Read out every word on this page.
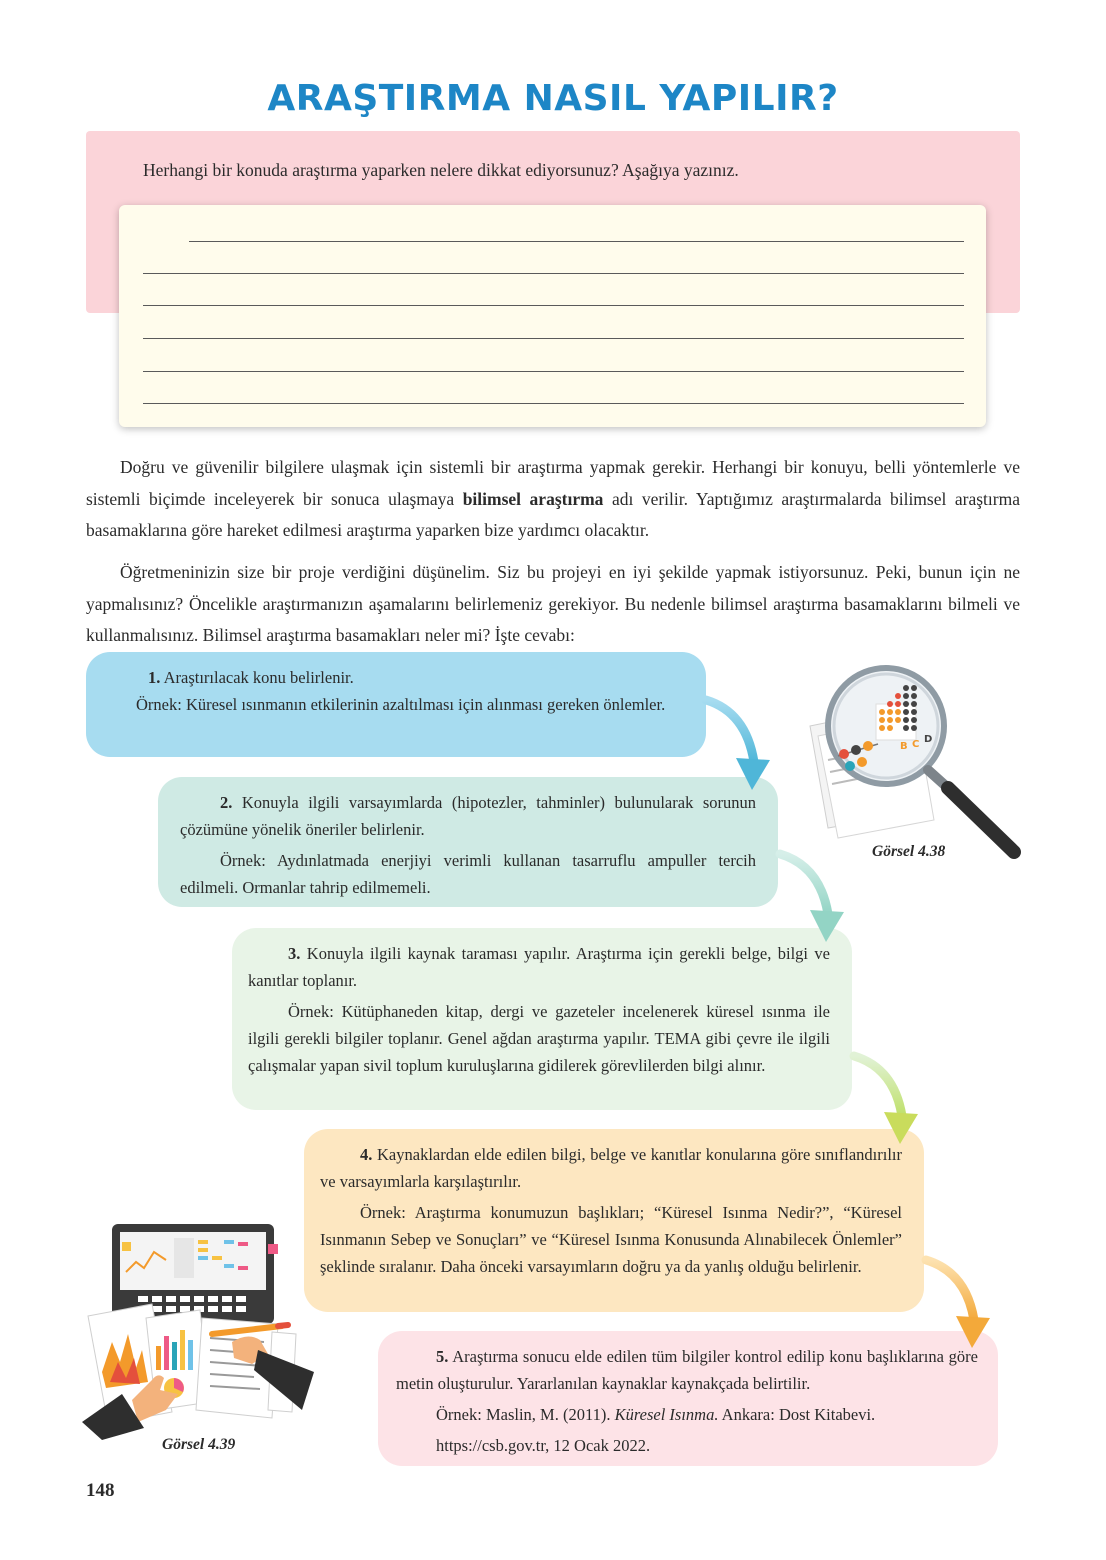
ARAŞTIRMA NASIL YAPILIR?
Herhangi bir konuda araştırma yaparken nelere dikkat ediyorsunuz? Aşağıya yazınız.

Doğru ve güvenilir bilgilere ulaşmak için sistemli bir araştırma yapmak gerekir. Herhangi bir konuyu, belli yöntemlerle ve sistemli biçimde inceleyerek bir sonuca ulaşmaya bilimsel araştırma adı verilir. Yaptığımız araştırmalarda bilimsel araştırma basamaklarına göre hareket edilmesi araştırma yaparken bize yardımcı olacaktır.

Öğretmeninizin size bir proje verdiğini düşünelim. Siz bu projeyi en iyi şekilde yapmak istiyorsunuz. Peki, bunun için ne yapmalısınız? Öncelikle araştırmanızın aşamalarını belirlemeniz gerekiyor. Bu nedenle bilimsel araştırma basamaklarını bilmeli ve kullanmalısınız. Bilimsel araştırma basamakları neler mi? İşte cevabı:

1. Araştırılacak konu belirlenir.

Örnek: Küresel ısınmanın etkilerinin azaltılması için alınması gereken önlemler.

2. Konuyla ilgili varsayımlarda (hipotezler, tahminler) bulunularak sorunun çözümüne yönelik öneriler belirlenir.

Örnek: Aydınlatmada enerjiyi verimli kullanan tasarruflu ampuller tercih edilmeli. Ormanlar tahrip edilmemeli.

3. Konuyla ilgili kaynak taraması yapılır. Araştırma için gerekli belge, bilgi ve kanıtlar toplanır.

Örnek: Kütüphaneden kitap, dergi ve gazeteler incelenerek küresel ısınma ile ilgili gerekli bilgiler toplanır. Genel ağdan araştırma yapılır. TEMA gibi çevre ile ilgili çalışmalar yapan sivil toplum kuruluşlarına gidilerek görevlilerden bilgi alınır.

4. Kaynaklardan elde edilen bilgi, belge ve kanıtlar konularına göre sınıflandırılır ve varsayımlarla karşılaştırılır.

Örnek: Araştırma konumuzun başlıkları; “Küresel Isınma Nedir?”, “Küresel Isınmanın Sebep ve Sonuçları” ve “Küresel Isınma Konusunda Alınabilecek Önlemler” şeklinde sıralanır. Daha önceki varsayımların doğru ya da yanlış olduğu belirlenir.

5. Araştırma sonucu elde edilen tüm bilgiler kontrol edilip konu başlıklarına göre metin oluşturulur. Yararlanılan kaynaklar kaynakçada belirtilir.

Örnek: Maslin, M. (2011). Küresel Isınma. Ankara: Dost Kitabevi.

https://csb.gov.tr, 12 Ocak 2022.

B C D
Görsel 4.38
Görsel 4.39
148
